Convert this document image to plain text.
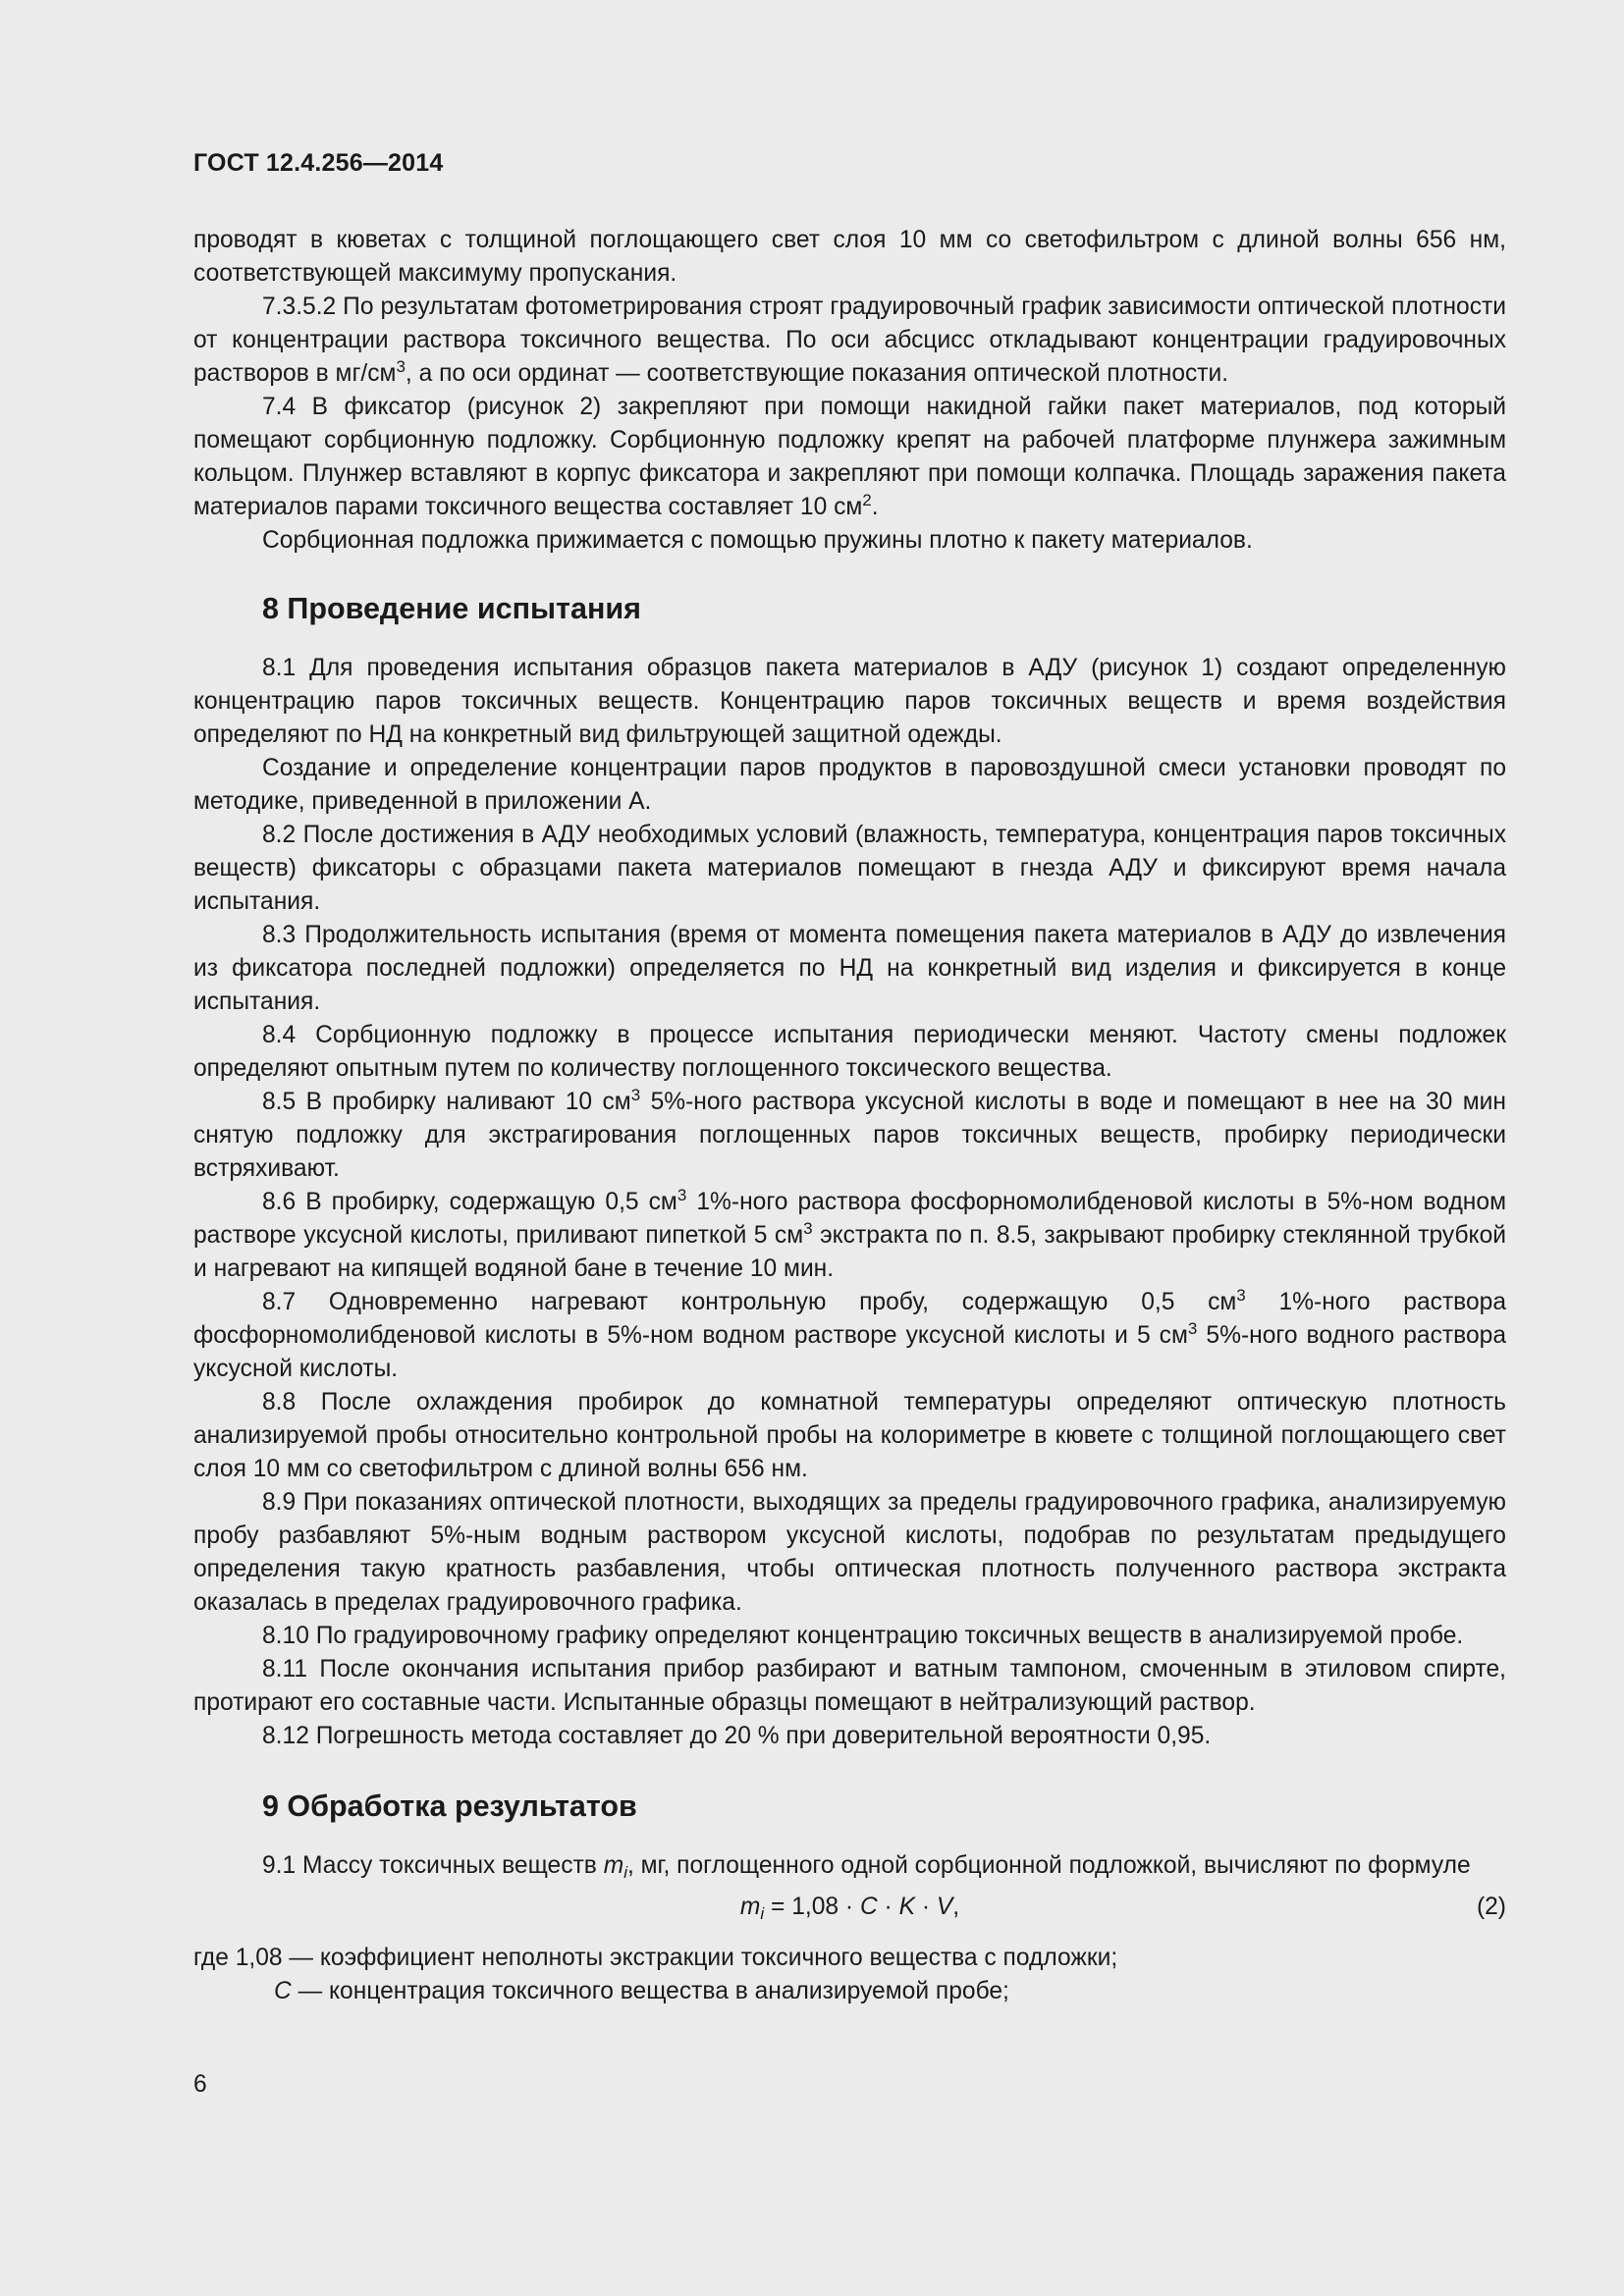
ГОСТ 12.4.256—2014

проводят в кюветах с толщиной поглощающего свет слоя 10 мм со светофильтром с длиной волны 656 нм, соответствующей максимуму пропускания.

7.3.5.2 По результатам фотометрирования строят градуировочный график зависимости оптической плотности от концентрации раствора токсичного вещества. По оси абсцисс откладывают концентрации градуировочных растворов в $мг/см^3$, а по оси ординат — соответствующие показания оптической плотности.

7.4 В фиксатор (рисунок 2) закрепляют при помощи накидной гайки пакет материалов, под который помещают сорбционную подложку. Сорбционную подложку крепят на рабочей платформе плунжера зажимным кольцом. Плунжер вставляют в корпус фиксатора и закрепляют при помощи колпачка. Площадь заражения пакета материалов парами токсичного вещества составляет 10 $см^2$.

Сорбционная подложка прижимается с помощью пружины плотно к пакету материалов.

8 Проведение испытания

8.1 Для проведения испытания образцов пакета материалов в АДУ (рисунок 1) создают определенную концентрацию паров токсичных веществ. Концентрацию паров токсичных веществ и время воздействия определяют по НД на конкретный вид фильтрующей защитной одежды.

Создание и определение концентрации паров продуктов в паровоздушной смеси установки проводят по методике, приведенной в приложении А.

8.2 После достижения в АДУ необходимых условий (влажность, температура, концентрация паров токсичных веществ) фиксаторы с образцами пакета материалов помещают в гнезда АДУ и фиксируют время начала испытания.

8.3 Продолжительность испытания (время от момента помещения пакета материалов в АДУ до извлечения из фиксатора последней подложки) определяется по НД на конкретный вид изделия и фиксируется в конце испытания.

8.4 Сорбционную подложку в процессе испытания периодически меняют. Частоту смены подложек определяют опытным путем по количеству поглощенного токсического вещества.

8.5 В пробирку наливают 10 $см^3$ 5%-ного раствора уксусной кислоты в воде и помещают в нее на 30 мин снятую подложку для экстрагирования поглощенных паров токсичных веществ, пробирку периодически встряхивают.

8.6 В пробирку, содержащую 0,5 $см^3$ 1%-ного раствора фосфорномолибденовой кислоты в 5%-ном водном растворе уксусной кислоты, приливают пипеткой 5 $см^3$ экстракта по п. 8.5, закрывают пробирку стеклянной трубкой и нагревают на кипящей водяной бане в течение 10 мин.

8.7 Одновременно нагревают контрольную пробу, содержащую 0,5 $см^3$ 1%-ного раствора фосфорномолибденовой кислоты в 5%-ном водном растворе уксусной кислоты и 5 $см^3$ 5%-ного водного раствора уксусной кислоты.

8.8 После охлаждения пробирок до комнатной температуры определяют оптическую плотность анализируемой пробы относительно контрольной пробы на колориметре в кювете с толщиной поглощающего свет слоя 10 мм со светофильтром с длиной волны 656 нм.

8.9 При показаниях оптической плотности, выходящих за пределы градуировочного графика, анализируемую пробу разбавляют 5%-ным водным раствором уксусной кислоты, подобрав по результатам предыдущего определения такую кратность разбавления, чтобы оптическая плотность полученного раствора экстракта оказалась в пределах градуировочного графика.

8.10 По градуировочному графику определяют концентрацию токсичных веществ в анализируемой пробе.

8.11 После окончания испытания прибор разбирают и ватным тампоном, смоченным в этиловом спирте, протирают его составные части. Испытанные образцы помещают в нейтрализующий раствор.

8.12 Погрешность метода составляет до 20 % при доверительной вероятности 0,95.

9 Обработка результатов

9.1 Массу токсичных веществ $m_i$, мг, поглощенного одной сорбционной подложкой, вычисляют по формуле

$m_i = 1,08 \cdot C \cdot K \cdot V$,	(2)

где 1,08 — коэффициент неполноты экстракции токсичного вещества с подложки;

C — концентрация токсичного вещества в анализируемой пробе;

6
